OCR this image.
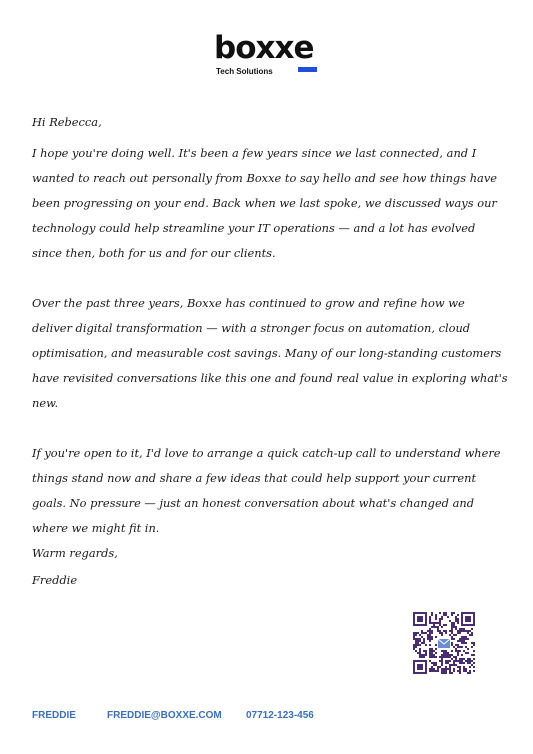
boxxe
Tech Solutions

Hi Rebecca,

I hope you're doing well. It's been a few years since we last connected, and I wanted to reach out personally from Boxxe to say hello and see how things have been progressing on your end. Back when we last spoke, we discussed ways our technology could help streamline your IT operations — and a lot has evolved since then, both for us and for our clients.

Over the past three years, Boxxe has continued to grow and refine how we deliver digital transformation — with a stronger focus on automation, cloud optimisation, and measurable cost savings. Many of our long-standing customers have revisited conversations like this one and found real value in exploring what's new.

If you're open to it, I'd love to arrange a quick catch-up call to understand where things stand now and share a few ideas that could help support your current goals. No pressure — just an honest conversation about what's changed and where we might fit in.

Warm regards,

Freddie

FREDDIE	FREDDIE@BOXXE.COM 07712-123-456
